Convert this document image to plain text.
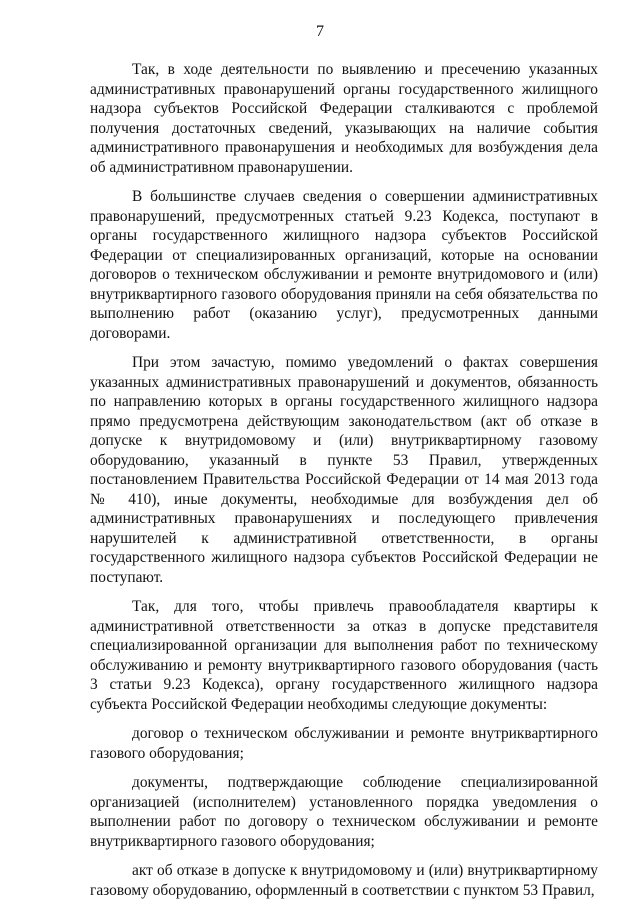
7

Так, в ходе деятельности по выявлению и пресечению указанных административных правонарушений органы государственного жилищного надзора субъектов Российской Федерации сталкиваются с проблемой получения достаточных сведений, указывающих на наличие события административного правонарушения и необходимых для возбуждения дела об административном правонарушении.

В большинстве случаев сведения о совершении административных правонарушений, предусмотренных статьей 9.23 Кодекса, поступают в органы государственного жилищного надзора субъектов Российской Федерации от специализированных организаций, которые на основании договоров о техническом обслуживании и ремонте внутридомового и (или) внутриквартирного газового оборудования приняли на себя обязательства по выполнению работ (оказанию услуг), предусмотренных данными договорами.

При этом зачастую, помимо уведомлений о фактах совершения указанных административных правонарушений и документов, обязанность по направлению которых в органы государственного жилищного надзора прямо предусмотрена действующим законодательством (акт об отказе в допуске к внутридомовому и (или) внутриквартирному газовому оборудованию, указанный в пункте 53 Правил, утвержденных постановлением Правительства Российской Федерации от 14 мая 2013 года № 410), иные документы, необходимые для возбуждения дел об административных правонарушениях и последующего привлечения нарушителей к административной ответственности, в органы государственного жилищного надзора субъектов Российской Федерации не поступают.

Так, для того, чтобы привлечь правообладателя квартиры к административной ответственности за отказ в допуске представителя специализированной организации для выполнения работ по техническому обслуживанию и ремонту внутриквартирного газового оборудования (часть 3 статьи 9.23 Кодекса), органу государственного жилищного надзора субъекта Российской Федерации необходимы следующие документы:

договор о техническом обслуживании и ремонте внутриквартирного газового оборудования;

документы, подтверждающие соблюдение специализированной организацией (исполнителем) установленного порядка уведомления о выполнении работ по договору о техническом обслуживании и ремонте внутриквартирного газового оборудования;

акт об отказе в допуске к внутридомовому и (или) внутриквартирному газовому оборудованию, оформленный в соответствии с пунктом 53 Правил,
